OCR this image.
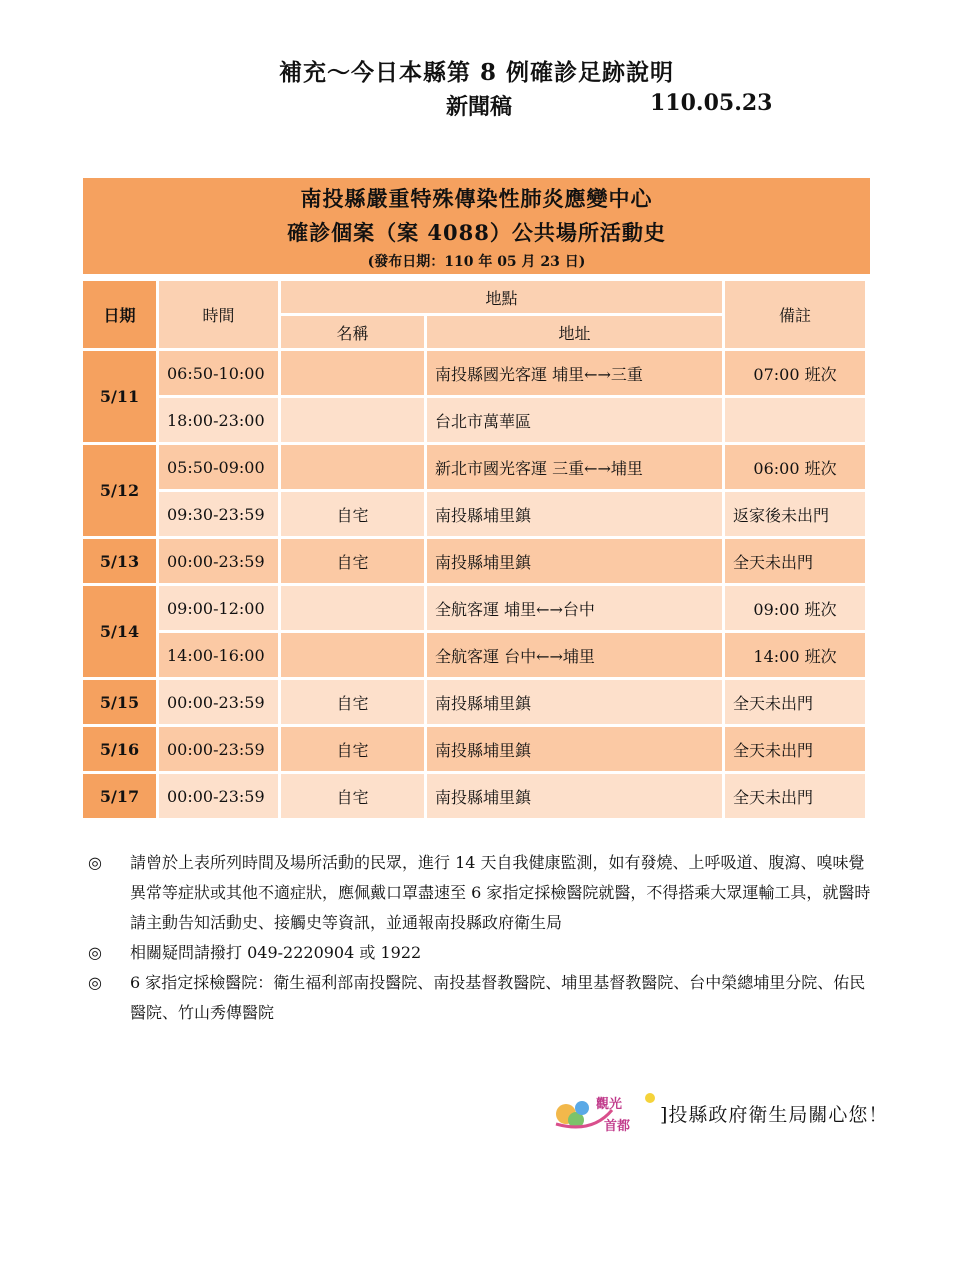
補充～今日本縣第 8 例確診足跡說明
新聞稿	110.05.23
南投縣嚴重特殊傳染性肺炎應變中心
確診個案（案 4088）公共場所活動史
(發布日期：110 年 05 月 23 日)
日期	時間	地點		備註
		名稱	地址	
5/11	06:50-10:00		南投縣國光客運 埔里←→三重	07:00 班次
	18:00-23:00		台北市萬華區	
5/12	05:50-09:00		新北市國光客運 三重←→埔里	06:00 班次
	09:30-23:59	自宅	南投縣埔里鎮	返家後未出門
5/13	00:00-23:59	自宅	南投縣埔里鎮	全天未出門
5/14	09:00-12:00		全航客運 埔里←→台中	09:00 班次
	14:00-16:00		全航客運 台中←→埔里	14:00 班次
5/15	00:00-23:59	自宅	南投縣埔里鎮	全天未出門
5/16	00:00-23:59	自宅	南投縣埔里鎮	全天未出門
5/17	00:00-23:59	自宅	南投縣埔里鎮	全天未出門
◎	請曾於上表所列時間及場所活動的民眾，進行 14 天自我健康監測，如有發燒、上呼吸道、腹瀉、嗅味覺異常等症狀或其他不適症狀，應佩戴口罩盡速至 6 家指定採檢醫院就醫，不得搭乘大眾運輸工具，就醫時請主動告知活動史、接觸史等資訊，並通報南投縣政府衛生局
◎	相關疑問請撥打 049-2220904 或 1922
◎	6 家指定採檢醫院：衛生福利部南投醫院、南投基督教醫院、埔里基督教醫院、台中榮總埔里分院、佑民醫院、竹山秀傳醫院
觀光
首都
]投縣政府衛生局關心您！
